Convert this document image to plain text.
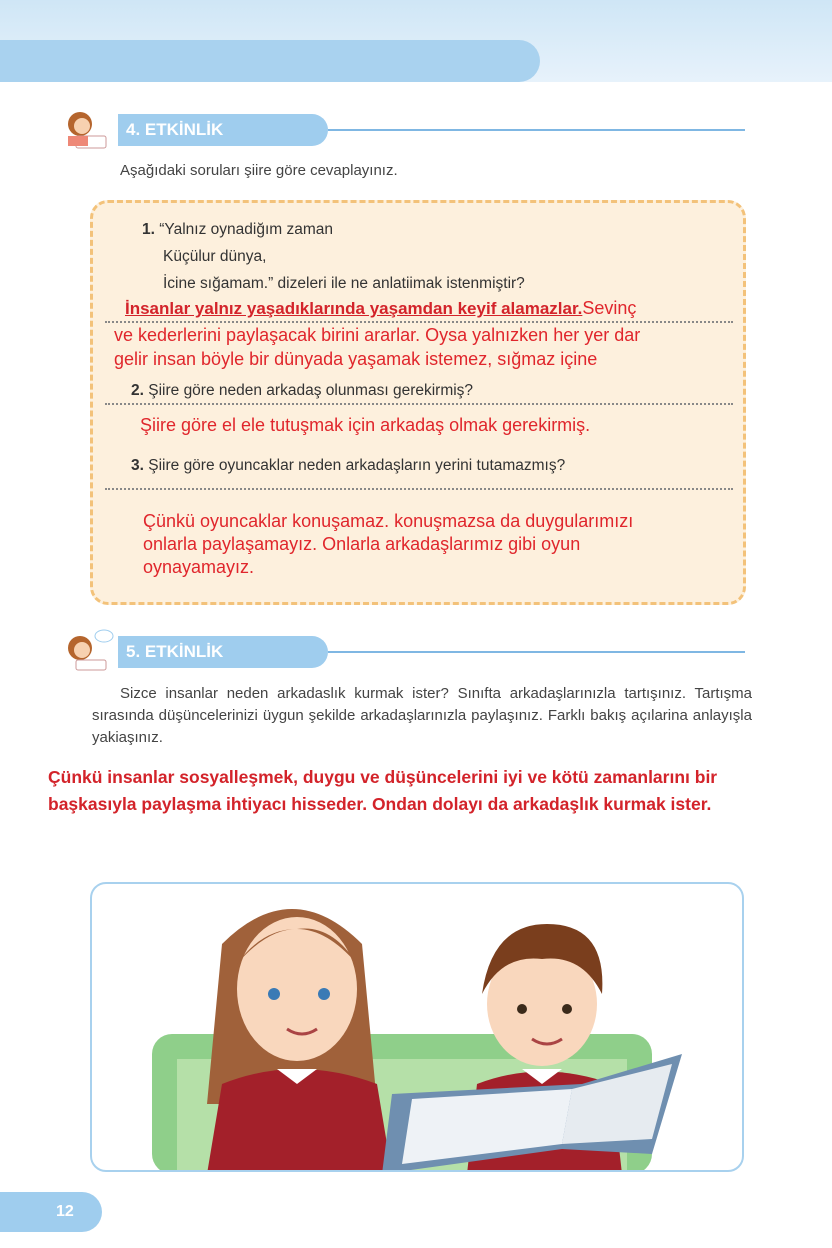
4. ETKİNLİK
Aşağıdaki soruları şiire göre cevaplayınız.
1. “Yalnız oynadiğım zaman
Küçülur dünya,
İcine sığamam.” dizeleri ile ne anlatiimak istenmiştir?
İnsanlar yalnız yaşadıklarında yaşamdan keyif alamazlar.Sevinç
ve kederlerini paylaşacak birini ararlar. Oysa yalnızken her yer dar
gelir insan böyle bir dünyada yaşamak istemez, sığmaz içine
2. Şiire göre neden arkadaş olunması gerekirmiş?
Şiire göre el ele tutuşmak için arkadaş olmak gerekirmiş.
3. Şiire göre oyuncaklar neden arkadaşların yerini tutamazmış?
Çünkü oyuncaklar konuşamaz. konuşmazsa da duygularımızı
onlarla paylaşamayız. Onlarla arkadaşlarımız gibi oyun
oynayamayız.
5. ETKİNLİK
Sizce insanlar neden arkadaslık kurmak ister? Sınıfta arkadaşlarınızla tartışınız. Tartışma sırasında düşüncelerinizi üygun şekilde arkadaşlarınızla paylaşınız. Farklı bakış açılarina anlayışla yakiaşınız.
Çünkü insanlar sosyalleşmek, duygu ve düşüncelerini iyi ve kötü zamanlarını bir
başkasıyla paylaşma ihtiyacı hisseder. Ondan dolayı da arkadaşlık kurmak ister.
12
